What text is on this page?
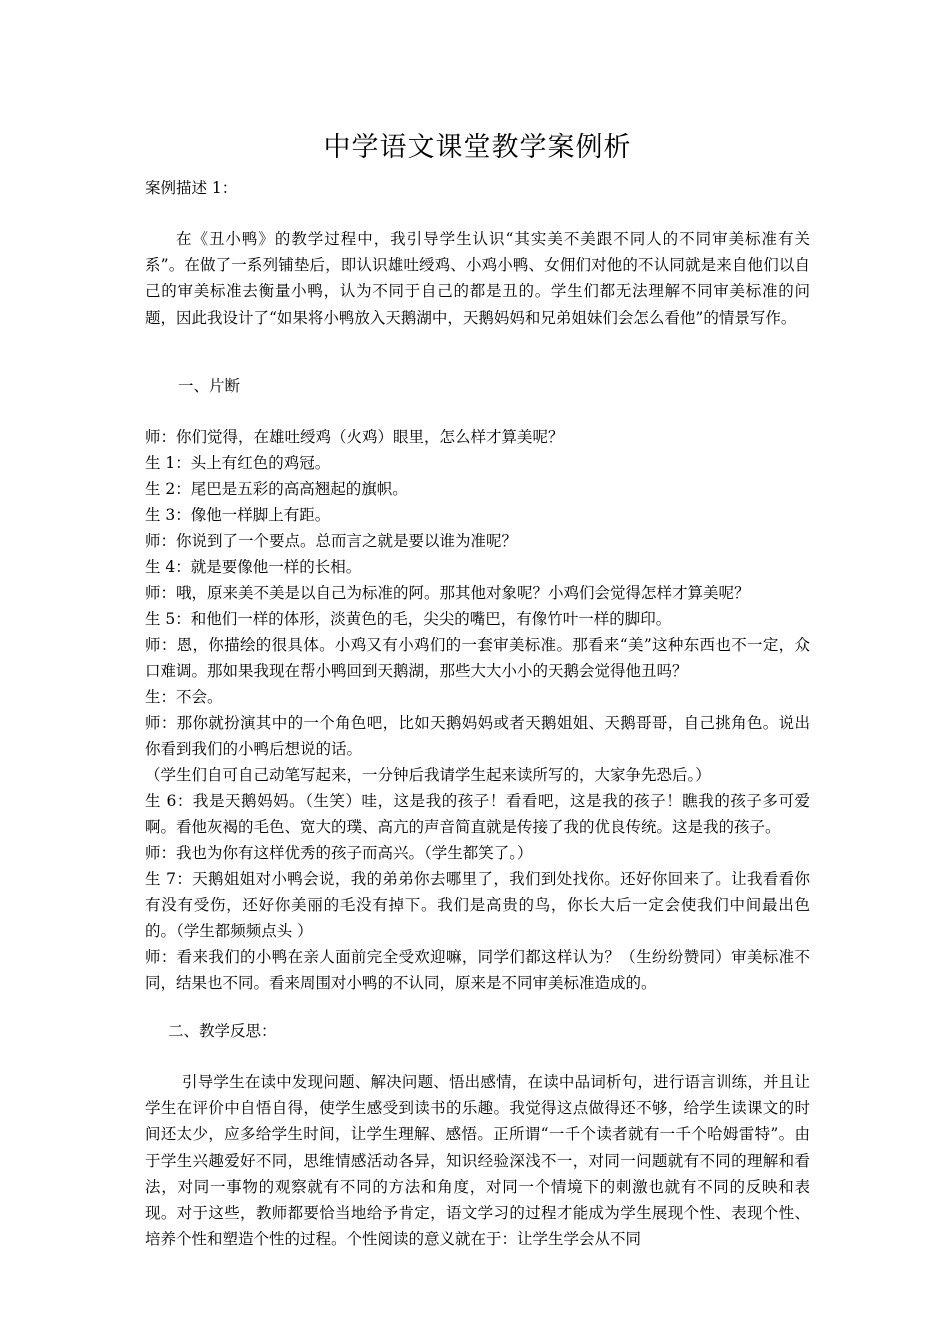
中学语文课堂教学案例析
案例描述 1：
在《丑小鸭》的教学过程中，我引导学生认识“其实美不美跟不同人的不同审美标准有关系”。在做了一系列铺垫后，即认识雄吐绶鸡、小鸡小鸭、女佣们对他的不认同就是来自他们以自己的审美标准去衡量小鸭，认为不同于自己的都是丑的。学生们都无法理解不同审美标准的问题，因此我设计了“如果将小鸭放入天鹅湖中，天鹅妈妈和兄弟姐妹们会怎么看他”的情景写作。
一、片断
师：你们觉得，在雄吐绶鸡（火鸡）眼里，怎么样才算美呢？
生 1：头上有红色的鸡冠。
生 2：尾巴是五彩的高高翘起的旗帜。
生 3：像他一样脚上有距。
师：你说到了一个要点。总而言之就是要以谁为准呢？
生 4：就是要像他一样的长相。
师：哦，原来美不美是以自己为标准的阿。那其他对象呢？小鸡们会觉得怎样才算美呢？
生 5：和他们一样的体形，淡黄色的毛，尖尖的嘴巴，有像竹叶一样的脚印。
师：恩，你描绘的很具体。小鸡又有小鸡们的一套审美标准。那看来“美”这种东西也不一定，众口难调。那如果我现在帮小鸭回到天鹅湖，那些大大小小的天鹅会觉得他丑吗？
生：不会。
师：那你就扮演其中的一个角色吧，比如天鹅妈妈或者天鹅姐姐、天鹅哥哥，自己挑角色。说出你看到我们的小鸭后想说的话。
（学生们自可自己动笔写起来，一分钟后我请学生起来读所写的，大家争先恐后。）
生 6：我是天鹅妈妈。（生笑）哇，这是我的孩子！看看吧，这是我的孩子！瞧我的孩子多可爱啊。看他灰褐的毛色、宽大的璞、高亢的声音简直就是传接了我的优良传统。这是我的孩子。
师：我也为你有这样优秀的孩子而高兴。（学生都笑了。）
生 7：天鹅姐姐对小鸭会说，我的弟弟你去哪里了，我们到处找你。还好你回来了。让我看看你有没有受伤，还好你美丽的毛没有掉下。我们是高贵的鸟，你长大后一定会使我们中间最出色的。（学生都频频点头 ）
师：看来我们的小鸭在亲人面前完全受欢迎嘛，同学们都这样认为？（生纷纷赞同）审美标准不同，结果也不同。看来周围对小鸭的不认同，原来是不同审美标准造成的。
二、教学反思：
引导学生在读中发现问题、解决问题、悟出感情，在读中品词析句，进行语言训练，并且让学生在评价中自悟自得，使学生感受到读书的乐趣。我觉得这点做得还不够，给学生读课文的时间还太少，应多给学生时间，让学生理解、感悟。正所谓“一千个读者就有一千个哈姆雷特”。由于学生兴趣爱好不同，思维情感活动各异，知识经验深浅不一，对同一问题就有不同的理解和看法，对同一事物的观察就有不同的方法和角度，对同一个情境下的刺激也就有不同的反映和表现。对于这些，教师都要恰当地给予肯定，语文学习的过程才能成为学生展现个性、表现个性、培养个性和塑造个性的过程。个性阅读的意义就在于：让学生学会从不同
